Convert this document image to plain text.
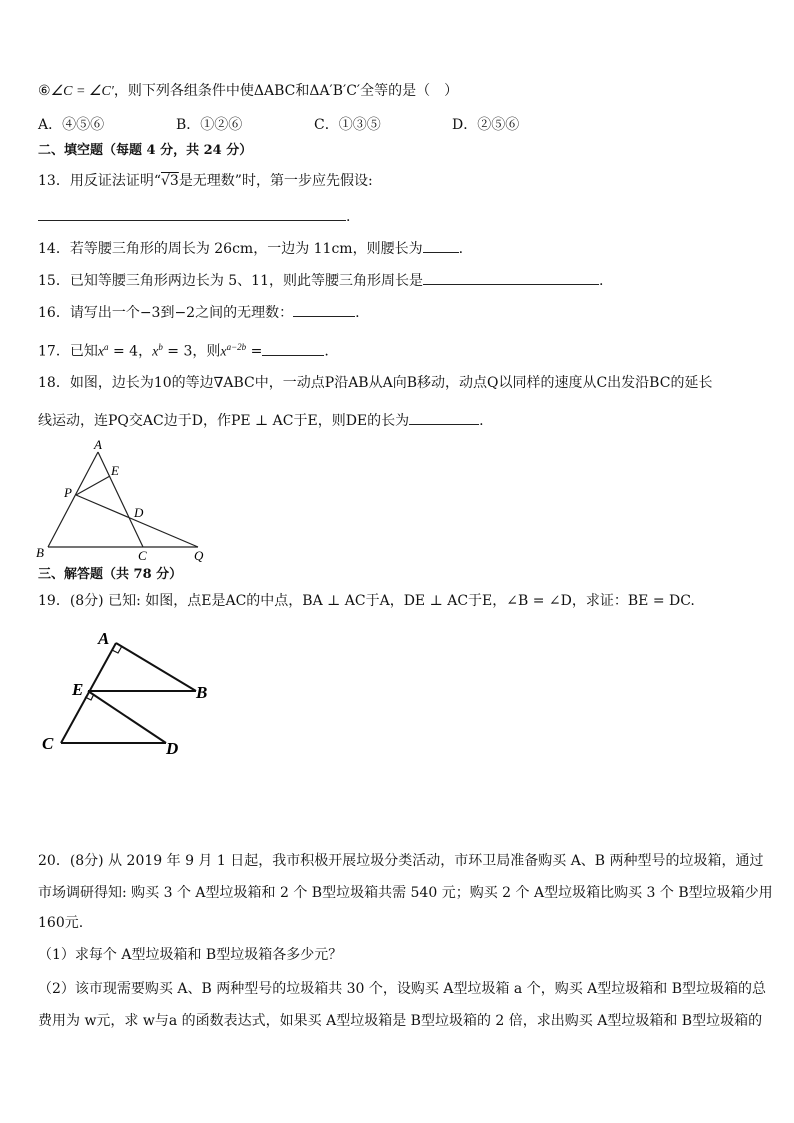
⑥∠C = ∠C′，则下列各组条件中使ΔABC和ΔA′B′C′全等的是（　）
A．④⑤⑥	B．①②⑥	C．①③⑤	D．②⑤⑥
二、填空题（每题 4 分，共 24 分）
13．用反证法证明“√3是无理数”时，第一步应先假设:
.
14．若等腰三角形的周长为 26cm，一边为 11cm，则腰长为	.
15．已知等腰三角形两边长为 5、11，则此等腰三角形周长是	.
16．请写出一个−3到−2之间的无理数：	.
17．已知$x^a = 4$，$x^b = 3$，则$x^{a-2b}$ =	.
18．如图，边长为10的等边∇ABC中，一动点P沿AB从A向B移动，动点Q以同样的速度从C出发沿BC的延长
线运动，连PQ交AC边于D，作PE ⊥ AC于E，则DE的长为	.
A
B	C
D
E
P
Q
三、解答题（共 78 分）
19．(8分) 已知: 如图，点E是AC的中点，BA ⊥ AC于A，DE ⊥ AC于E，∠B = ∠D，求证：BE = DC.
A
B
C	D
E
20．(8分) 从 2019 年 9 月 1 日起，我市积极开展垃圾分类活动，市环卫局准备购买 A、B 两种型号的垃圾箱，通过
市场调研得知: 购买 3 个 A型垃圾箱和 2 个 B型垃圾箱共需 540 元；购买 2 个 A型垃圾箱比购买 3 个 B型垃圾箱少用
160元.
（1）求每个 A型垃圾箱和 B型垃圾箱各多少元？
（2）该市现需要购买 A、B 两种型号的垃圾箱共 30 个，设购买 A型垃圾箱 a 个，购买 A型垃圾箱和 B型垃圾箱的总
费用为 w元，求 w与a 的函数表达式，如果买 A型垃圾箱是 B型垃圾箱的 2 倍，求出购买 A型垃圾箱和 B型垃圾箱的
